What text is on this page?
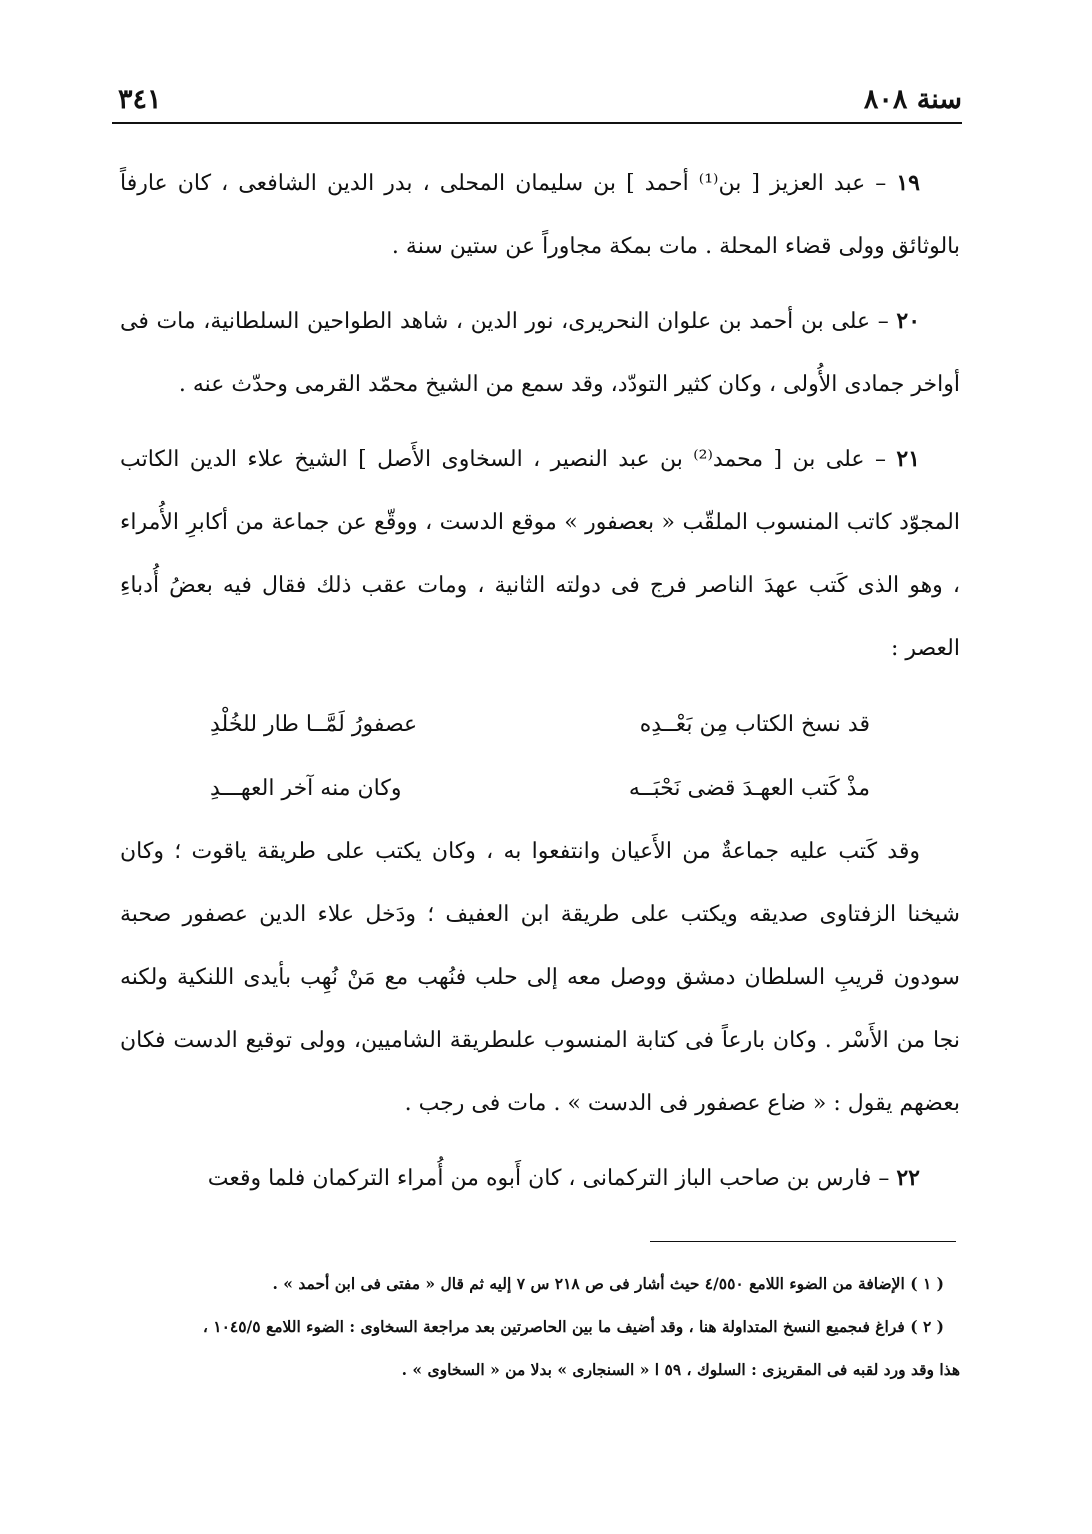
سنة ٨٠٨
٣٤١

١٩ – عبد العزيز [ بن⁽¹⁾ أحمد ] بن سليمان المحلى ، بدر الدين الشافعى ، كان عارفاً بالوثائق وولى قضاء المحلة . مات بمكة مجاوراً عن ستين سنة .

٢٠ – على بن أحمد بن علوان النحريرى، نور الدين ، شاهد الطواحين السلطانية، مات فى أواخر جمادى الأُولى ، وكان كثير التودّد، وقد سمع من الشيخ محمّد القرمى وحدّث عنه .

٢١ – على بن [ محمد⁽²⁾ بن عبد النصير ، السخاوى الأَصل ] الشيخ علاء الدين الكاتب المجوّد كاتب المنسوب الملقّب « بعصفور » موقع الدست ، ووقّع عن جماعة من أكابرِ الأُمراء ، وهو الذى كَتب عهدَ الناصر فرج فى دولته الثانية ، ومات عقب ذلك فقال فيه بعضُ أُدباءِ العصر :

قد نسخ الكتاب مِن بَعْــدِه
عصفورُ لَمَّــا طار للخُلْدِ
مذْ كَتب العهـدَ قضى نَحْبَــه
وكان منه آخر العهـــدِ

وقد كَتب عليه جماعةٌ من الأَعيان وانتفعوا به ، وكان يكتب على طريقة ياقوت ؛ وكان شيخنا الزفتاوى صديقه ويكتب على طريقة ابن العفيف ؛ ودَخل علاء الدين عصفور صحبة سودون قريبِ السلطان دمشق ووصل معه إلى حلب فنُهب مع مَنْ نُهِب بأيدى اللنكية ولكنه نجا من الأَسْر . وكان بارعاً فى كتابة المنسوب علىطريقة الشاميين، وولى توقيع الدست فكان بعضهم يقول : « ضاع عصفور فى الدست » . مات فى رجب .

٢٢ – فارس بن صاحب الباز التركمانى ، كان أَبوه من أُمراء التركمان فلما وقعت

( ١ ) الإضافة من الضوء اللامع ٤/٥٥٠ حيث أشار فى ص ٢١٨ س ٧ إليه ثم قال « مفتى فى ابن أحمد » .

( ٢ ) فراغ فىجميع النسخ المتداولة هنا ، وقد أضيف ما بين الحاصرتين بعد مراجعة السخاوى : الضوء اللامع ١٠٤٥/٥ ،

هذا وقد ورد لقبه فى المقريزى : السلوك ، ٥٩ ا « السنجارى » بدلا من « السخاوى » .
